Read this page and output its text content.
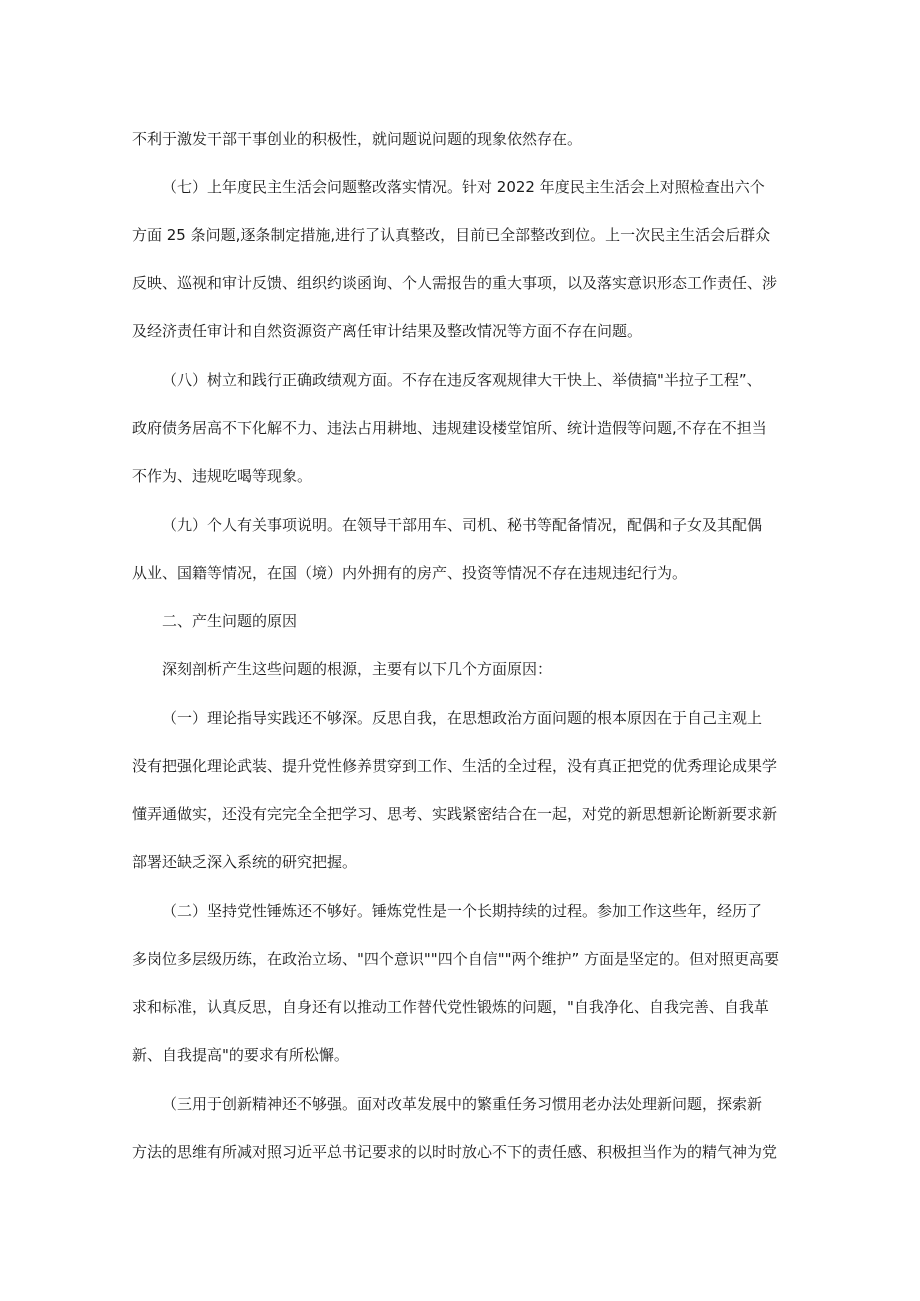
不利于激发干部干事创业的积极性，就问题说问题的现象依然存在。
（七）上年度民主生活会问题整改落实情况。针对 2022 年度民主生活会上对照检查出六个
方面 25 条问题,逐条制定措施,进行了认真整改，目前已全部整改到位。上一次民主生活会后群众
反映、巡视和审计反馈、组织约谈函询、个人需报告的重大事项，以及落实意识形态工作责任、涉
及经济责任审计和自然资源资产离任审计结果及整改情况等方面不存在问题。
（八）树立和践行正确政绩观方面。不存在违反客观规律大干快上、举债搞"半拉子工程”、
政府债务居高不下化解不力、违法占用耕地、违规建设楼堂馆所、统计造假等问题,不存在不担当
不作为、违规吃喝等现象。
（九）个人有关事项说明。在领导干部用车、司机、秘书等配备情况，配偶和子女及其配偶
从业、国籍等情况，在国（境）内外拥有的房产、投资等情况不存在违规违纪行为。
二、产生问题的原因
深刻剖析产生这些问题的根源，主要有以下几个方面原因：
（一）理论指导实践还不够深。反思自我，在思想政治方面问题的根本原因在于自己主观上
没有把强化理论武装、提升党性修养贯穿到工作、生活的全过程，没有真正把党的优秀理论成果学
懂弄通做实，还没有完完全全把学习、思考、实践紧密结合在一起，对党的新思想新论断新要求新
部署还缺乏深入系统的研究把握。
（二）坚持党性锤炼还不够好。锤炼党性是一个长期持续的过程。参加工作这些年，经历了
多岗位多层级历练，在政治立场、"四个意识""四个自信""两个维护” 方面是坚定的。但对照更高要
求和标准，认真反思，自身还有以推动工作替代党性锻炼的问题，"自我净化、自我完善、自我革
新、自我提高"的要求有所松懈。
（三用于创新精神还不够强。面对改革发展中的繁重任务习惯用老办法处理新问题，探索新
方法的思维有所减对照习近平总书记要求的以时时放心不下的责任感、积极担当作为的精气神为党
